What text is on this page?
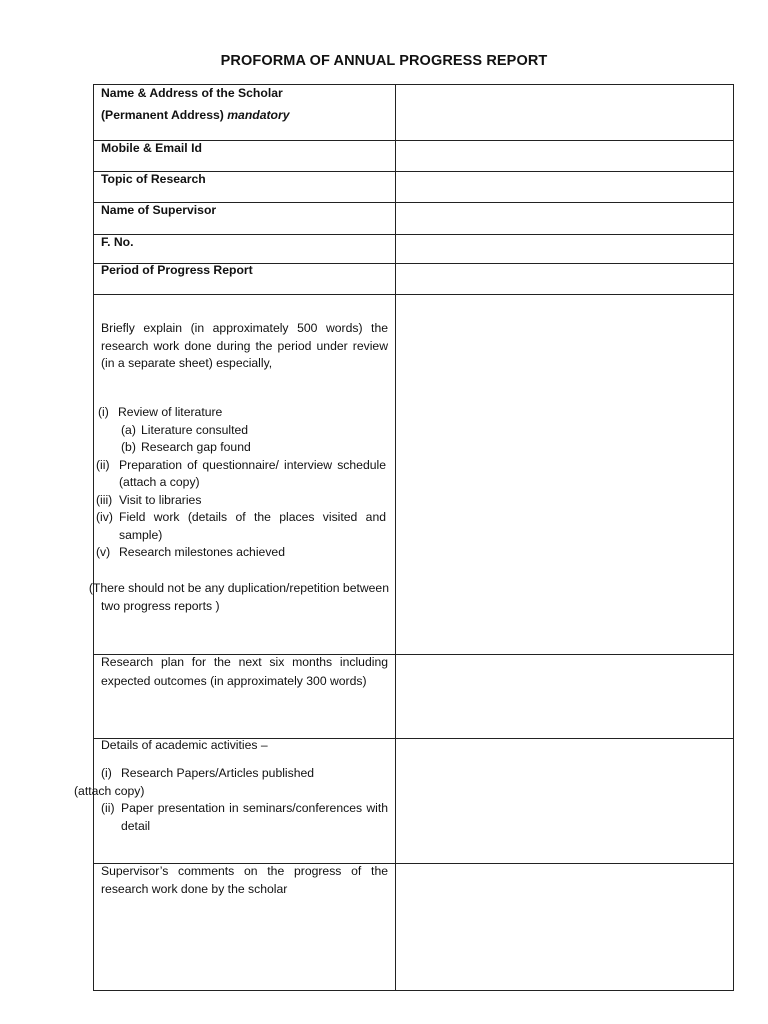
PROFORMA OF ANNUAL PROGRESS REPORT
Name & Address of the Scholar
(Permanent Address) mandatory
Mobile & Email Id
Topic of Research
Name of Supervisor
F. No.
Period of Progress Report
Briefly explain (in approximately 500 words) the research work done during the period under review (in a separate sheet) especially,
(i) Review of literature
(a) Literature consulted
(b) Research gap found
(ii) Preparation of questionnaire/ interview schedule (attach a copy)
(iii) Visit to libraries
(iv) Field work (details of the places visited and sample)
(v) Research milestones achieved
(There should not be any duplication/repetition between
two progress reports )
Research plan for the next six months including expected outcomes (in approximately 300 words)
Details of academic activities –
(i) Research Papers/Articles published
(attach copy)
(ii) Paper presentation in seminars/conferences with detail
Supervisor’s comments on the progress of the research work done by the scholar
